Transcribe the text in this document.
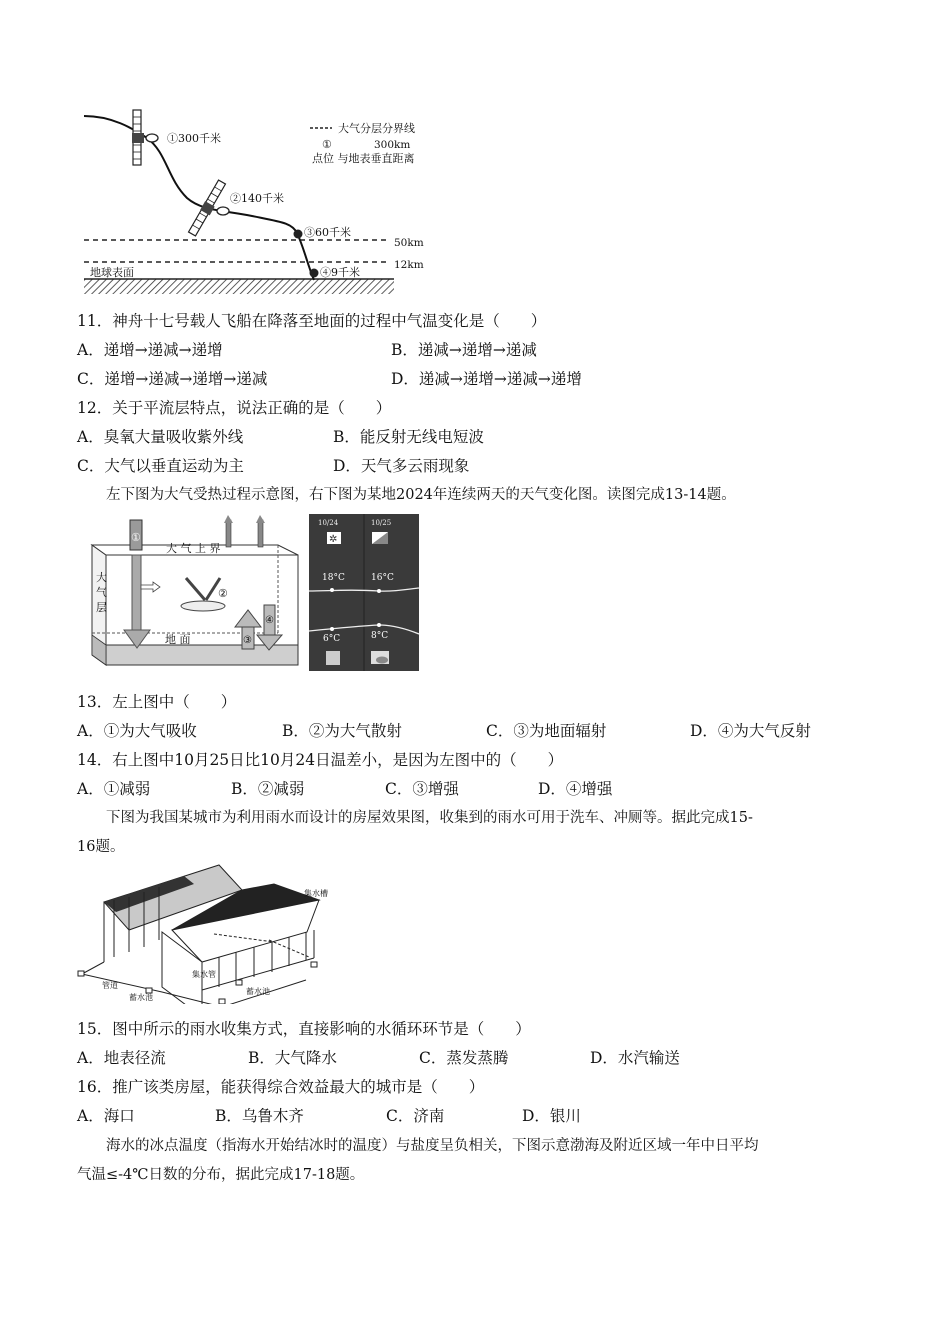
①300千米
②140千米
③60千米
④9千米
50km
12km
地球表面
大气分层分界线
①	300km
点位 与地表垂直距离
11．神舟十七号载人飞船在降落至地面的过程中气温变化是（　　）
A．递增→递减→递增	B．递减→递增→递减
C．递增→递减→递增→递减	D．递减→递增→递减→递增
12．关于平流层特点，说法正确的是（　　）
A．臭氧大量吸收紫外线	B．能反射无线电短波
C．大气以垂直运动为主	D．天气多云雨现象
左下图为大气受热过程示意图，右下图为某地2024年连续两天的天气变化图。读图完成13-14题。
①
②
③
④
大 气 上 界
地 面
大气层
10/24	10/25
✲
18°C	16°C
6°C	8°C
13．左上图中（　　）
A．①为大气吸收	B．②为大气散射	C．③为地面辐射	D．④为大气反射
14．右上图中10月25日比10月24日温差小，是因为左图中的（　　）
A．①减弱	B．②减弱	C．③增强	D．④增强
下图为我国某城市为利用雨水而设计的房屋效果图，收集到的雨水可用于洗车、冲厕等。据此完成15-
16题。
集水槽
集水管
管道
蓄水池
蓄水池
15．图中所示的雨水收集方式，直接影响的水循环环节是（　　）
A．地表径流	B．大气降水	C．蒸发蒸腾	D．水汽输送
16．推广该类房屋，能获得综合效益最大的城市是（　　）
A．海口	B．乌鲁木齐	C．济南	D．银川
海水的冰点温度（指海水开始结冰时的温度）与盐度呈负相关，下图示意渤海及附近区域一年中日平均
气温≤-4℃日数的分布，据此完成17-18题。
